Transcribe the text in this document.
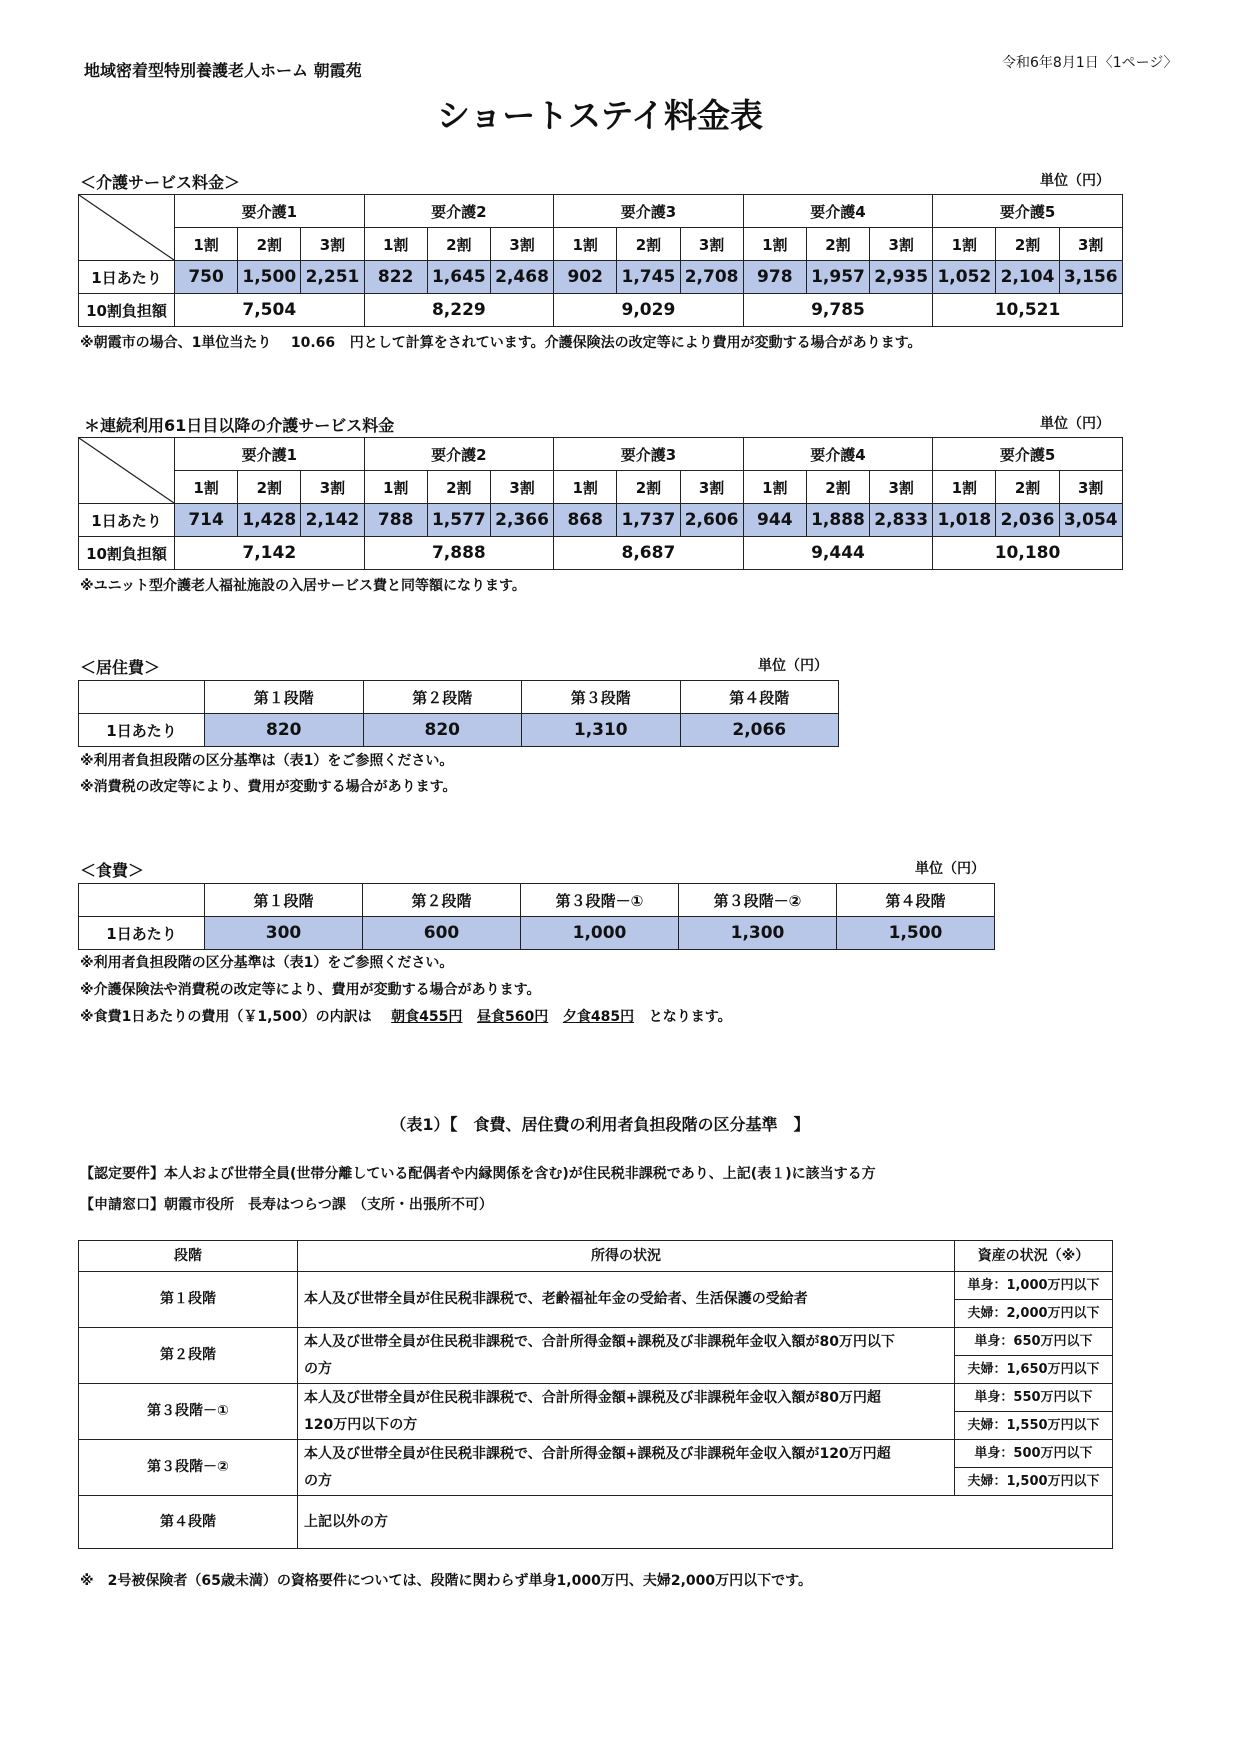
地域密着型特別養護老人ホーム 朝霞苑	令和6年8月1日〈1ページ〉
ショートステイ料金表
＜介護サービス料金＞	単位（円）
	要介護1			要介護2			要介護3			要介護4			要介護5		
	1割	2割	3割	1割	2割	3割	1割	2割	3割	1割	2割	3割	1割	2割	3割
1日あたり	750	1,500	2,251	822	1,645	2,468	902	1,745	2,708	978	1,957	2,935	1,052	2,104	3,156
10割負担額	7,504			8,229			9,029			9,785			10,521		
※朝霞市の場合、1単位当たり 10.66 円として計算をされています。介護保険法の改定等により費用が変動する場合があります。
＊連続利用61日目以降の介護サービス料金	単位（円）
	要介護1			要介護2			要介護3			要介護4			要介護5		
	1割	2割	3割	1割	2割	3割	1割	2割	3割	1割	2割	3割	1割	2割	3割
1日あたり	714	1,428	2,142	788	1,577	2,366	868	1,737	2,606	944	1,888	2,833	1,018	2,036	3,054
10割負担額	7,142			7,888			8,687			9,444			10,180		
※ユニット型介護老人福祉施設の入居サービス費と同等額になります。
＜居住費＞	単位（円）
	第１段階	第２段階	第３段階	第４段階
1日あたり	820	820	1,310	2,066
※利用者負担段階の区分基準は（表1）をご参照ください。
※消費税の改定等により、費用が変動する場合があります。
＜食費＞	単位（円）
	第１段階	第２段階	第３段階－①	第３段階－②	第４段階
1日あたり	300	600	1,000	1,300	1,500
※利用者負担段階の区分基準は（表1）をご参照ください。
※介護保険法や消費税の改定等により、費用が変動する場合があります。
※食費1日あたりの費用（￥1,500）の内訳は 朝食455円 昼食560円 夕食485円 となります。
（表1）【　食費、居住費の利用者負担段階の区分基準　】
【認定要件】本人および世帯全員(世帯分離している配偶者や内縁関係を含む)が住民税非課税であり、上記(表１)に該当する方
【申請窓口】朝霞市役所　長寿はつらつ課　（支所・出張所不可）
段階	所得の状況	資産の状況（※）
第１段階	本人及び世帯全員が住民税非課税で、老齢福祉年金の受給者、生活保護の受給者	単身：1,000万円以下
		夫婦：2,000万円以下
第２段階	本人及び世帯全員が住民税非課税で、合計所得金額+課税及び非課税年金収入額が80万円以下
の方	単身：650万円以下
		夫婦：1,650万円以下
第３段階－①	本人及び世帯全員が住民税非課税で、合計所得金額+課税及び非課税年金収入額が80万円超
120万円以下の方	単身：550万円以下
		夫婦：1,550万円以下
第３段階－②	本人及び世帯全員が住民税非課税で、合計所得金額+課税及び非課税年金収入額が120万円超
の方	単身：500万円以下
		夫婦：1,500万円以下
第４段階	上記以外の方	
※　2号被保険者（65歳未満）の資格要件については、段階に関わらず単身1,000万円、夫婦2,000万円以下です。
